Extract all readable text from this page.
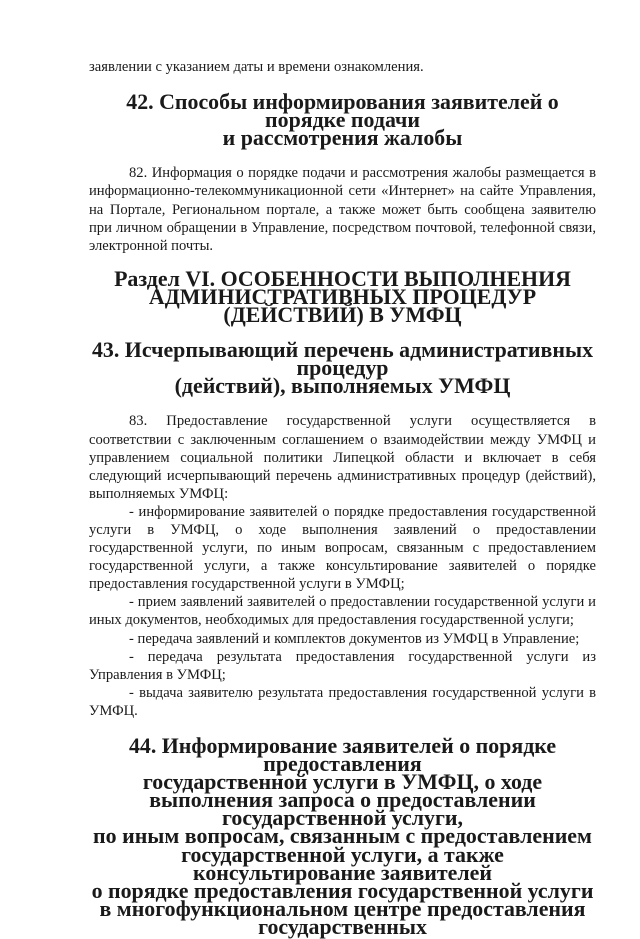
заявлении с указанием даты и времени ознакомления.

42. Способы информирования заявителей о порядке подачи
и рассмотрения жалобы

82. Информация о порядке подачи и рассмотрения жалобы размещается в информационно-телекоммуникационной сети «Интернет» на сайте Управления, на Портале, Региональном портале, а также может быть сообщена заявителю при личном обращении в Управление, посредством почтовой, телефонной связи, электронной почты.

Раздел VI. ОСОБЕННОСТИ ВЫПОЛНЕНИЯ
АДМИНИСТРАТИВНЫХ ПРОЦЕДУР
(ДЕЙСТВИЙ) В УМФЦ
43. Исчерпывающий перечень административных процедур
(действий), выполняемых УМФЦ

83. Предоставление государственной услуги осуществляется в соответствии с заключенным соглашением о взаимодействии между УМФЦ и управлением социальной политики Липецкой области и включает в себя следующий исчерпывающий перечень административных процедур (действий), выполняемых УМФЦ:

- информирование заявителей о порядке предоставления государственной услуги в УМФЦ, о ходе выполнения заявлений о предоставлении государственной услуги, по иным вопросам, связанным с предоставлением государственной услуги, а также консультирование заявителей о порядке предоставления государственной услуги в УМФЦ;

- прием заявлений заявителей о предоставлении государственной услуги и иных документов, необходимых для предоставления государственной услуги;

- передача заявлений и комплектов документов из УМФЦ в Управление;

- передача результата предоставления государственной услуги из Управления в УМФЦ;

- выдача заявителю результата предоставления государственной услуги в УМФЦ.

44. Информирование заявителей о порядке предоставления
государственной услуги в УМФЦ, о ходе
выполнения запроса о предоставлении государственной услуги,
по иным вопросам, связанным с предоставлением
государственной услуги, а также консультирование заявителей
о порядке предоставления государственной услуги
в многофункциональном центре предоставления государственных
